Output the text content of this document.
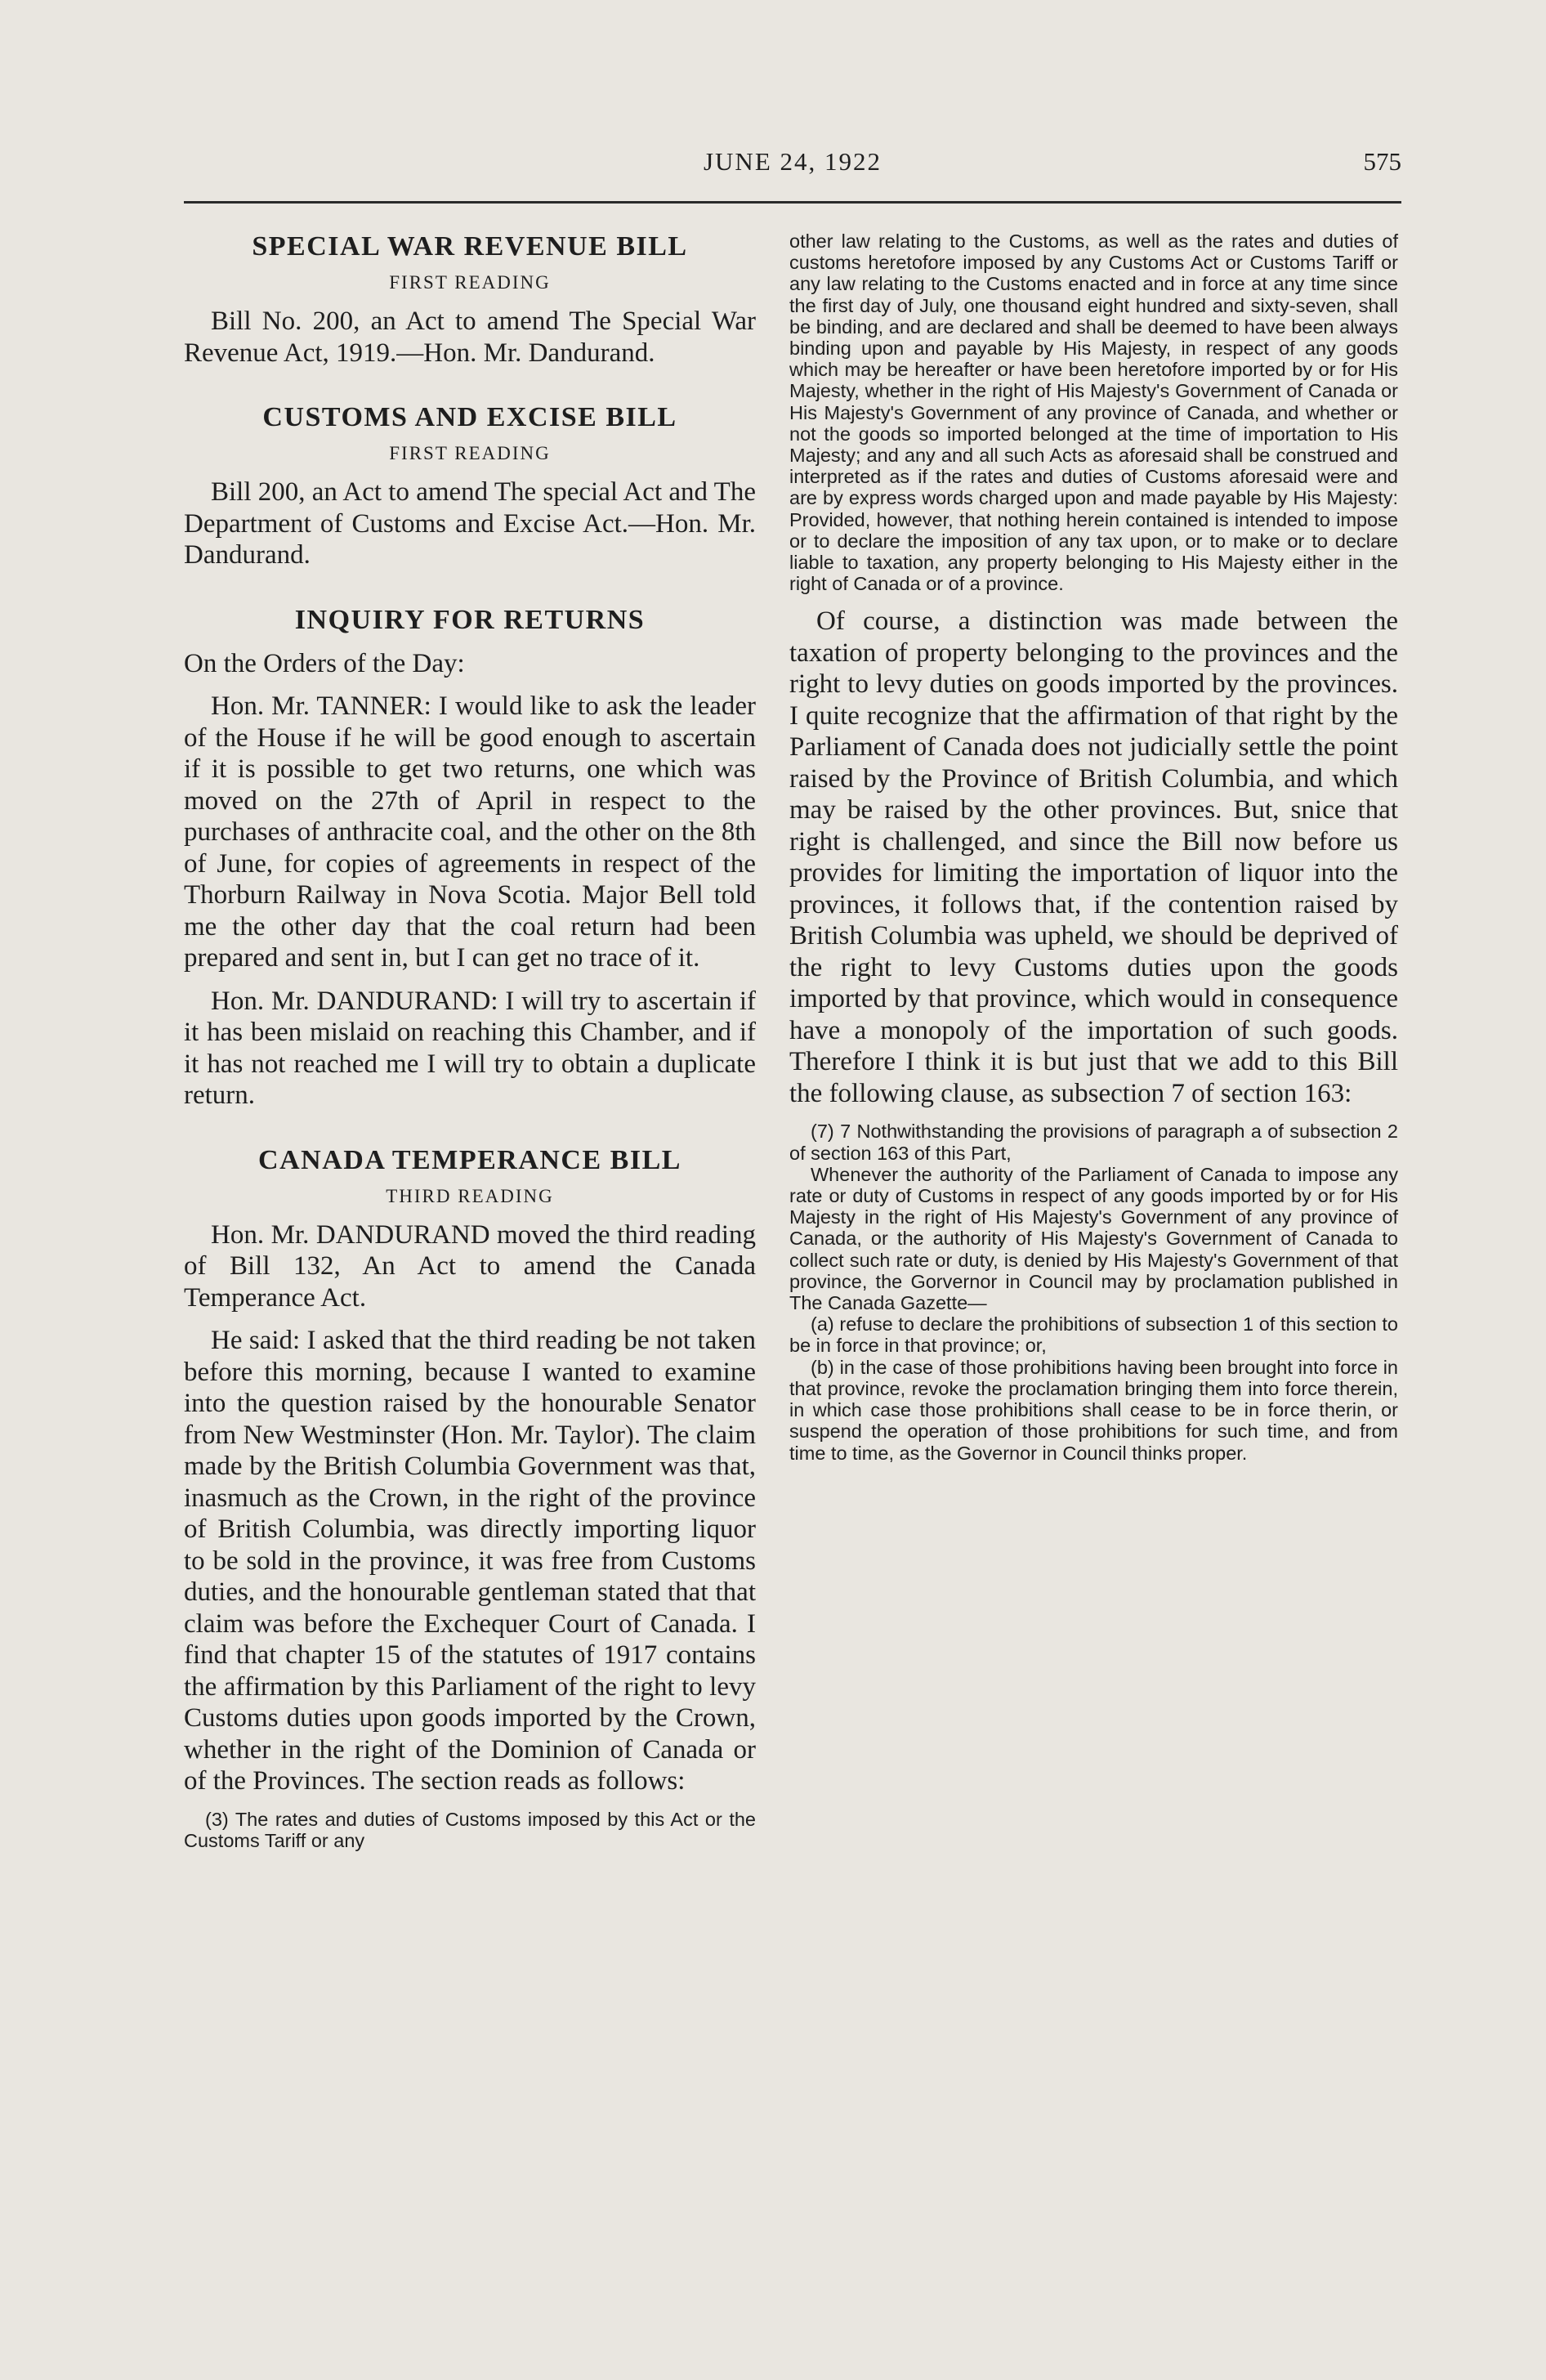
JUNE 24, 1922	575
SPECIAL WAR REVENUE BILL
FIRST READING

Bill No. 200, an Act to amend The Special War Revenue Act, 1919.—Hon. Mr. Dandurand.

CUSTOMS AND EXCISE BILL
FIRST READING

Bill 200, an Act to amend The special Act and The Department of Customs and Excise Act.—Hon. Mr. Dandurand.

INQUIRY FOR RETURNS

On the Orders of the Day:

Hon. Mr. TANNER: I would like to ask the leader of the House if he will be good enough to ascertain if it is possible to get two returns, one which was moved on the 27th of April in respect to the purchases of anthracite coal, and the other on the 8th of June, for copies of agreements in respect of the Thorburn Railway in Nova Scotia. Major Bell told me the other day that the coal return had been prepared and sent in, but I can get no trace of it.

Hon. Mr. DANDURAND: I will try to ascertain if it has been mislaid on reaching this Chamber, and if it has not reached me I will try to obtain a duplicate return.

CANADA TEMPERANCE BILL
THIRD READING

Hon. Mr. DANDURAND moved the third reading of Bill 132, An Act to amend the Canada Temperance Act.

He said: I asked that the third reading be not taken before this morning, because I wanted to examine into the question raised by the honourable Senator from New Westminster (Hon. Mr. Taylor). The claim made by the British Columbia Government was that, inasmuch as the Crown, in the right of the province of British Columbia, was directly importing liquor to be sold in the province, it was free from Customs duties, and the honourable gentleman stated that that claim was before the Exchequer Court of Canada. I find that chapter 15 of the statutes of 1917 contains the affirmation by this Parliament of the right to levy Customs duties upon goods imported by the Crown, whether in the right of the Dominion of Canada or of the Provinces. The section reads as follows:

(3) The rates and duties of Customs imposed by this Act or the Customs Tariff or any

other law relating to the Customs, as well as the rates and duties of customs heretofore imposed by any Customs Act or Customs Tariff or any law relating to the Customs enacted and in force at any time since the first day of July, one thousand eight hundred and sixty-seven, shall be binding, and are declared and shall be deemed to have been always binding upon and payable by His Majesty, in respect of any goods which may be hereafter or have been heretofore imported by or for His Majesty, whether in the right of His Majesty's Government of Canada or His Majesty's Government of any province of Canada, and whether or not the goods so imported belonged at the time of importation to His Majesty; and any and all such Acts as aforesaid shall be construed and interpreted as if the rates and duties of Customs aforesaid were and are by express words charged upon and made payable by His Majesty: Provided, however, that nothing herein contained is intended to impose or to declare the imposition of any tax upon, or to make or to declare liable to taxation, any property belonging to His Majesty either in the right of Canada or of a province.

Of course, a distinction was made between the taxation of property belonging to the provinces and the right to levy duties on goods imported by the provinces. I quite recognize that the affirmation of that right by the Parliament of Canada does not judicially settle the point raised by the Province of British Columbia, and which may be raised by the other provinces. But, snice that right is challenged, and since the Bill now before us provides for limiting the importation of liquor into the provinces, it follows that, if the contention raised by British Columbia was upheld, we should be deprived of the right to levy Customs duties upon the goods imported by that province, which would in consequence have a monopoly of the importation of such goods. Therefore I think it is but just that we add to this Bill the following clause, as subsection 7 of section 163:

(7) 7 Nothwithstanding the provisions of paragraph a of subsection 2 of section 163 of this Part,

Whenever the authority of the Parliament of Canada to impose any rate or duty of Customs in respect of any goods imported by or for His Majesty in the right of His Majesty's Government of any province of Canada, or the authority of His Majesty's Government of Canada to collect such rate or duty, is denied by His Majesty's Government of that province, the Gorvernor in Council may by proclamation published in The Canada Gazette—

(a) refuse to declare the prohibitions of subsection 1 of this section to be in force in that province; or,

(b) in the case of those prohibitions having been brought into force in that province, revoke the proclamation bringing them into force therein, in which case those prohibitions shall cease to be in force therin, or suspend the operation of those prohibitions for such time, and from time to time, as the Governor in Council thinks proper.
